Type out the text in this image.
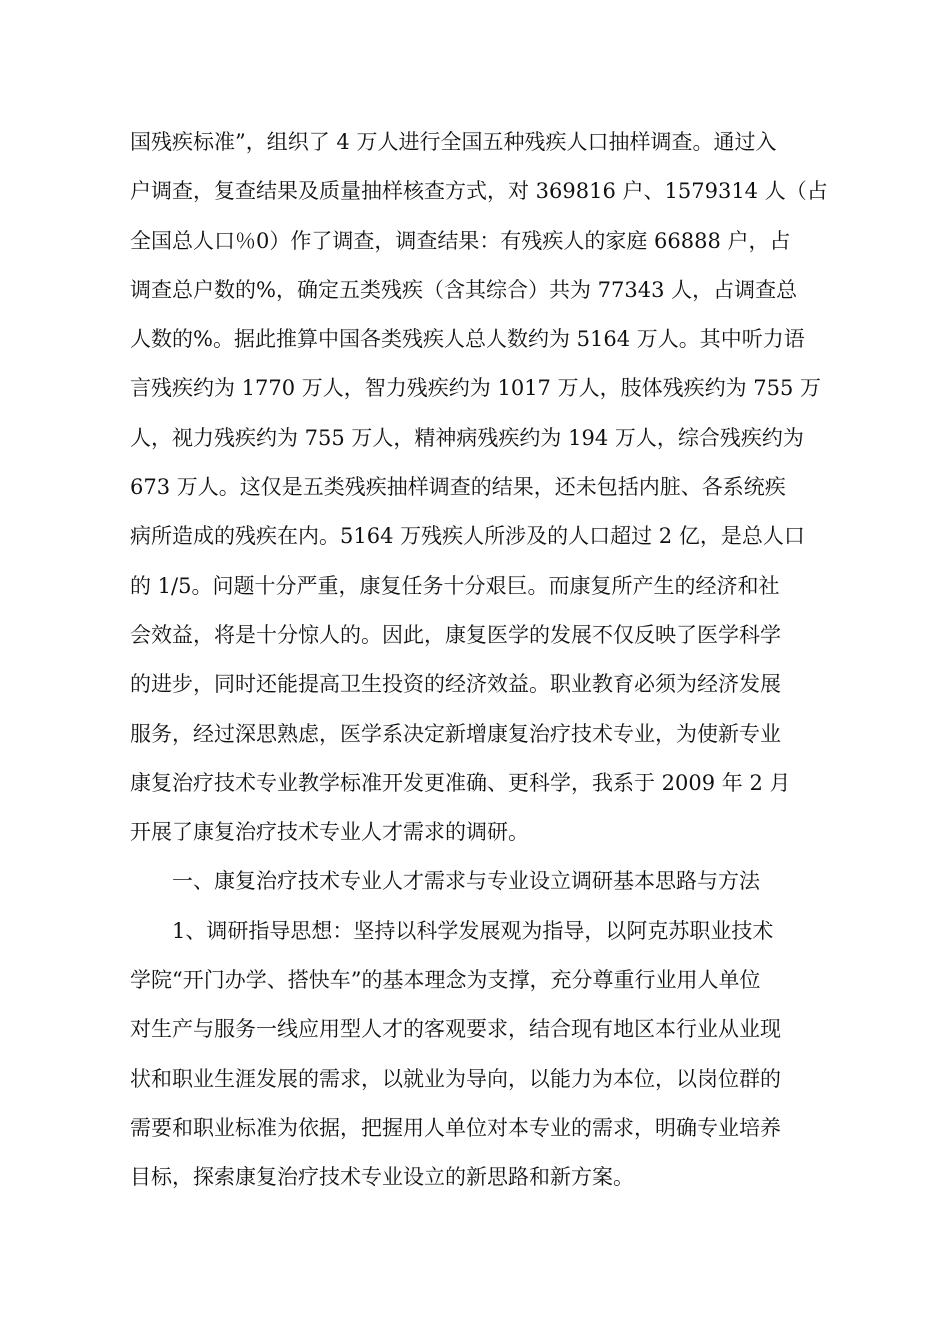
国残疾标准”，组织了 4 万人进行全国五种残疾人口抽样调查。通过入
户调查，复查结果及质量抽样核查方式，对 369816 户、1579314 人（占
全国总人口％0）作了调查，调查结果：有残疾人的家庭 66888 户，占
调查总户数的%，确定五类残疾（含其综合）共为 77343 人，占调查总
人数的%。据此推算中国各类残疾人总人数约为 5164 万人。其中听力语
言残疾约为 1770 万人，智力残疾约为 1017 万人，肢体残疾约为 755 万
人，视力残疾约为 755 万人，精神病残疾约为 194 万人，综合残疾约为
673 万人。这仅是五类残疾抽样调查的结果，还未包括内脏、各系统疾
病所造成的残疾在内。5164 万残疾人所涉及的人口超过 2 亿，是总人口
的 1/5。问题十分严重，康复任务十分艰巨。而康复所产生的经济和社
会效益，将是十分惊人的。因此，康复医学的发展不仅反映了医学科学
的进步，同时还能提高卫生投资的经济效益。职业教育必须为经济发展
服务，经过深思熟虑，医学系决定新增康复治疗技术专业，为使新专业
康复治疗技术专业教学标准开发更准确、更科学，我系于 2009 年 2 月
开展了康复治疗技术专业人才需求的调研。
一、康复治疗技术专业人才需求与专业设立调研基本思路与方法
1、调研指导思想：坚持以科学发展观为指导，以阿克苏职业技术
学院“开门办学、搭快车”的基本理念为支撑，充分尊重行业用人单位
对生产与服务一线应用型人才的客观要求，结合现有地区本行业从业现
状和职业生涯发展的需求，以就业为导向，以能力为本位，以岗位群的
需要和职业标准为依据，把握用人单位对本专业的需求，明确专业培养
目标，探索康复治疗技术专业设立的新思路和新方案。
